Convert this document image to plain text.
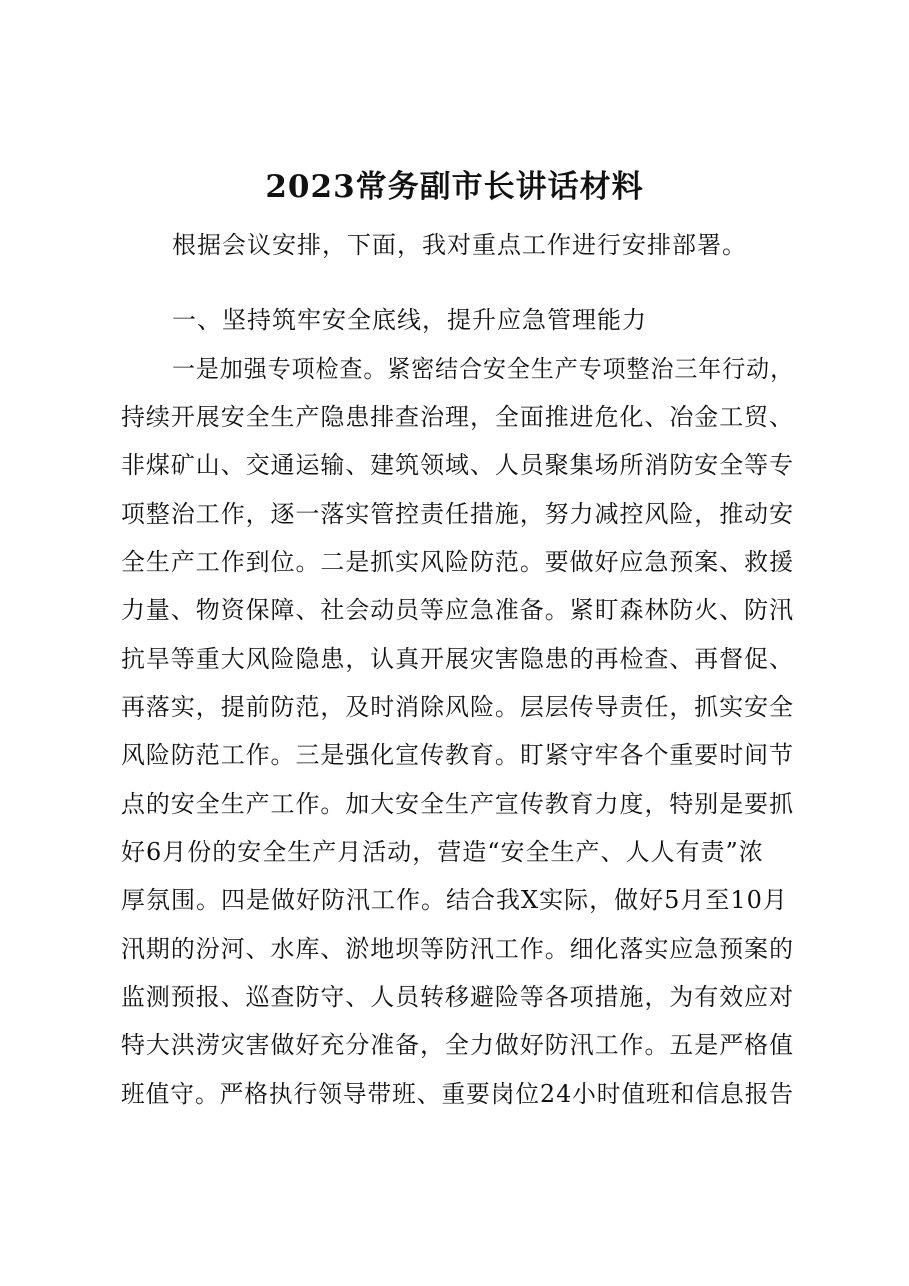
2023常务副市长讲话材料
根据会议安排，下面，我对重点工作进行安排部署。
一、坚持筑牢安全底线，提升应急管理能力
一是加强专项检查。紧密结合安全生产专项整治三年行动，
持续开展安全生产隐患排查治理，全面推进危化、冶金工贸、
非煤矿山、交通运输、建筑领域、人员聚集场所消防安全等专
项整治工作，逐一落实管控责任措施，努力减控风险，推动安
全生产工作到位。二是抓实风险防范。要做好应急预案、救援
力量、物资保障、社会动员等应急准备。紧盯森林防火、防汛
抗旱等重大风险隐患，认真开展灾害隐患的再检查、再督促、
再落实，提前防范，及时消除风险。层层传导责任，抓实安全
风险防范工作。三是强化宣传教育。盯紧守牢各个重要时间节
点的安全生产工作。加大安全生产宣传教育力度，特别是要抓
好6月份的安全生产月活动，营造“安全生产、人人有责”浓
厚氛围。四是做好防汛工作。结合我X实际，做好5月至10月
汛期的汾河、水库、淤地坝等防汛工作。细化落实应急预案的
监测预报、巡查防守、人员转移避险等各项措施，为有效应对
特大洪涝灾害做好充分准备，全力做好防汛工作。五是严格值
班值守。严格执行领导带班、重要岗位24小时值班和信息报告
